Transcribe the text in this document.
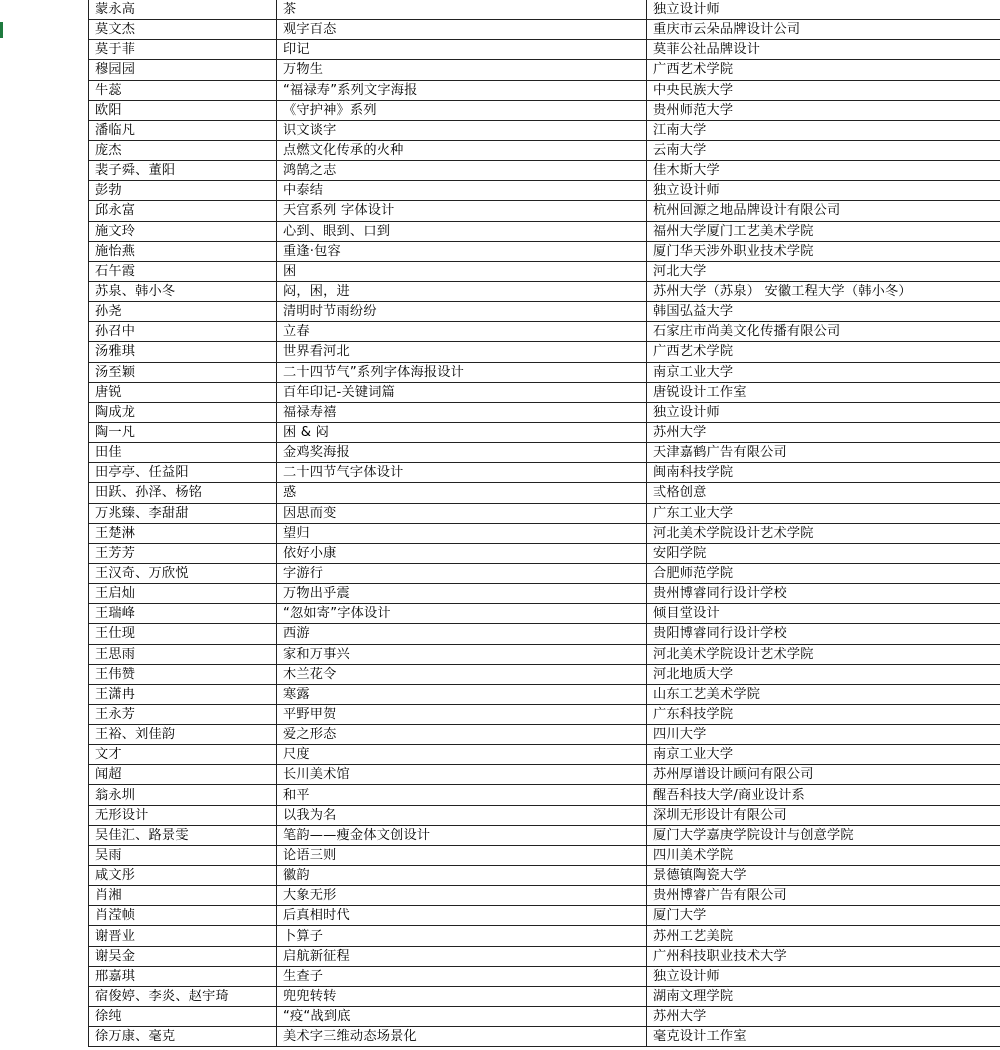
蒙永高	茶	独立设计师
莫文杰	观字百态	重庆市云朵品牌设计公司
莫于菲	印记	莫菲公社品牌设计
穆园园	万物生	广西艺术学院
牛蕊	“福禄寿”系列文字海报	中央民族大学
欧阳	《守护神》系列	贵州师范大学
潘临凡	识文谈字	江南大学
庞杰	点燃文化传承的火种	云南大学
裴子舜、董阳	鸿鹄之志	佳木斯大学
彭勃	中泰结	独立设计师
邱永富	天宫系列 字体设计	杭州回源之地品牌设计有限公司
施文玲	心到、眼到、口到	福州大学厦门工艺美术学院
施怡燕	重逢·包容	厦门华天涉外职业技术学院
石午霞	困	河北大学
苏泉、韩小冬	闷，困，进	苏州大学（苏泉） 安徽工程大学（韩小冬）
孙尧	清明时节雨纷纷	韩国弘益大学
孙召中	立春	石家庄市尚美文化传播有限公司
汤雅琪	世界看河北	广西艺术学院
汤至颖	二十四节气”系列字体海报设计	南京工业大学
唐锐	百年印记-关键词篇	唐锐设计工作室
陶成龙	福禄寿禧	独立设计师
陶一凡	困 & 闷	苏州大学
田佳	金鸡奖海报	天津嘉鹤广告有限公司
田亭亭、任益阳	二十四节气字体设计	闽南科技学院
田跃、孙泽、杨铭	惑	弎格创意
万兆臻、李甜甜	因思而变	广东工业大学
王楚淋	望归	河北美术学院设计艺术学院
王芳芳	依好小康	安阳学院
王汉奇、万欣悦	字游行	合肥师范学院
王启灿	万物出乎震	贵州博睿同行设计学校
王瑞峰	“忽如寄”字体设计	倾目堂设计
王仕现	西游	贵阳博睿同行设计学校
王思雨	家和万事兴	河北美术学院设计艺术学院
王伟赞	木兰花令	河北地质大学
王潇冉	寒露	山东工艺美术学院
王永芳	平野甲贺	广东科技学院
王裕、刘佳韵	爱之形态	四川大学
文才	尺度	南京工业大学
闻超	长川美术馆	苏州厚谱设计顾问有限公司
翁永圳	和平	醒吾科技大学/商业设计系
无形设计	以我为名	深圳无形设计有限公司
吴佳汇、路景雯	笔韵——瘦金体文创设计	厦门大学嘉庚学院设计与创意学院
吴雨	论语三则	四川美术学院
咸文彤	徽韵	景德镇陶瓷大学
肖湘	大象无形	贵州博睿广告有限公司
肖滢帧	后真相时代	厦门大学
谢晋业	卜算子	苏州工艺美院
谢吴金	启航新征程	广州科技职业技术大学
邢嘉琪	生查子	独立设计师
宿俊婷、李炎、赵宇琦	兜兜转转	湖南文理学院
徐纯	“疫“战到底	苏州大学
徐万康、毫克	美术字三维动态场景化	毫克设计工作室
